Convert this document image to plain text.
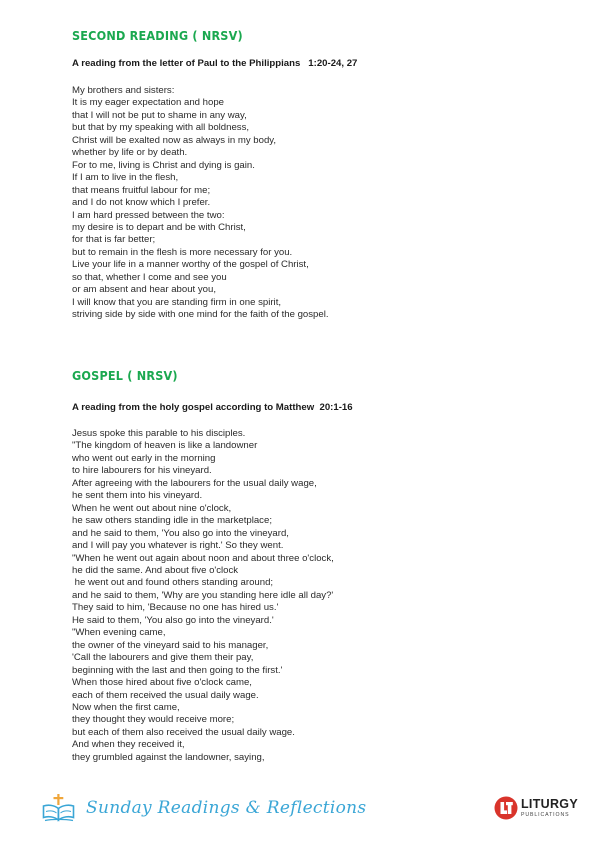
SECOND READING ( NRSV)

A reading from the letter of Paul to the Philippians   1:20-24, 27

My brothers and sisters:
It is my eager expectation and hope
that I will not be put to shame in any way,
but that by my speaking with all boldness,
Christ will be exalted now as always in my body,
whether by life or by death.
For to me, living is Christ and dying is gain.
If I am to live in the flesh,
that means fruitful labour for me;
and I do not know which I prefer.
I am hard pressed between the two:
my desire is to depart and be with Christ,
for that is far better;
but to remain in the flesh is more necessary for you.
Live your life in a manner worthy of the gospel of Christ,
so that, whether I come and see you
or am absent and hear about you,
I will know that you are standing firm in one spirit,
striving side by side with one mind for the faith of the gospel.
GOSPEL ( NRSV)

A reading from the holy gospel according to Matthew  20:1-16

Jesus spoke this parable to his disciples.
"The kingdom of heaven is like a landowner
who went out early in the morning
to hire labourers for his vineyard.
After agreeing with the labourers for the usual daily wage,
he sent them into his vineyard.
When he went out about nine o'clock,
he saw others standing idle in the marketplace;
and he said to them, 'You also go into the vineyard,
and I will pay you whatever is right.' So they went.
"When he went out again about noon and about three o'clock,
he did the same. And about five o'clock
he went out and found others standing around;
and he said to them, 'Why are you standing here idle all day?'
They said to him, 'Because no one has hired us.'
He said to them, 'You also go into the vineyard.'
"When evening came,
the owner of the vineyard said to his manager,
'Call the labourers and give them their pay,
beginning with the last and then going to the first.'
When those hired about five o'clock came,
each of them received the usual daily wage.
Now when the first came,
they thought they would receive more;
but each of them also received the usual daily wage.
And when they received it,
they grumbled against the landowner, saying,
Sunday Readings & Reflections	LITURGY
PUBLICATIONS
